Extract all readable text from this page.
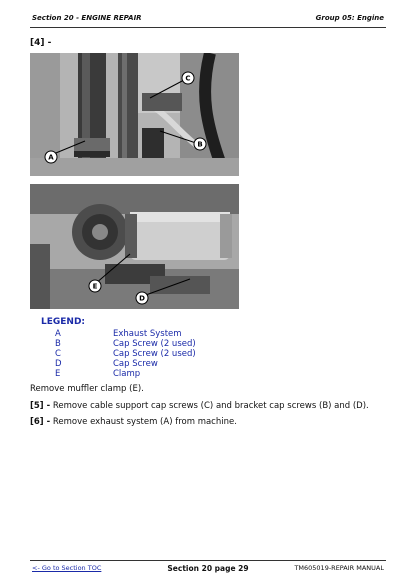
Section 20 - ENGINE REPAIR	Group 05: Engine
[4] -
C
B
A
E
D
LEGEND:
A	Exhaust System
B	Cap Screw (2 used)
C	Cap Screw (2 used)
D	Cap Screw
E	Clamp
Remove muffler clamp (E).
[5] - Remove cable support cap screws (C) and bracket cap screws (B) and (D).
[6] - Remove exhaust system (A) from machine.
<- Go to Section TOC	Section 20 page 29	TM605019-REPAIR MANUAL
